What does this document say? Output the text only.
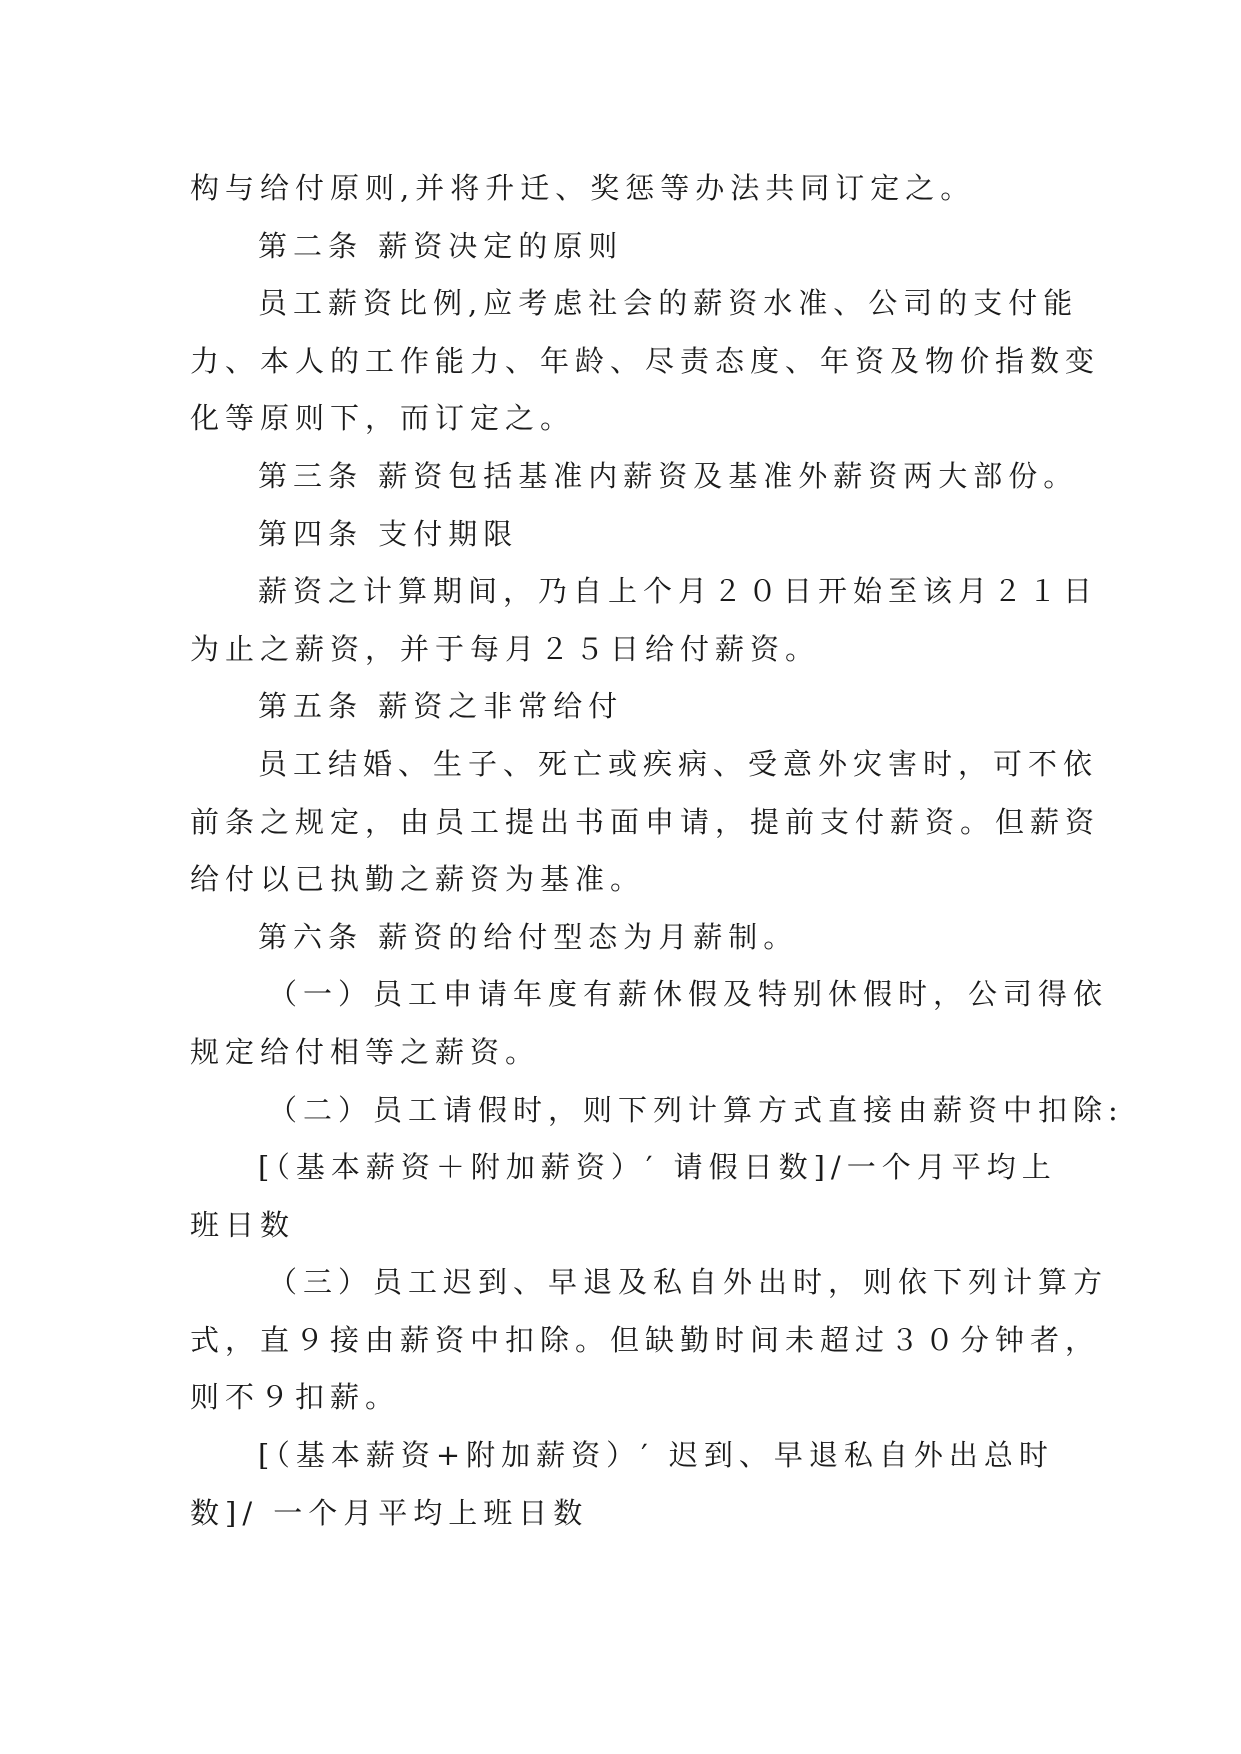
构与给付原则,并将升迁、奖惩等办法共同订定之。
第二条 薪资决定的原则
员工薪资比例,应考虑社会的薪资水准、公司的支付能
力、本人的工作能力、年龄、尽责态度、年资及物价指数变
化等原则下，而订定之。
第三条 薪资包括基准内薪资及基准外薪资两大部份。
第四条 支付期限
薪资之计算期间，乃自上个月２０日开始至该月２１日
为止之薪资，并于每月２５日给付薪资。
第五条 薪资之非常给付
员工结婚、生子、死亡或疾病、受意外灾害时，可不依
前条之规定，由员工提出书面申请，提前支付薪资。但薪资
给付以已执勤之薪资为基准。
第六条 薪资的给付型态为月薪制。
（一）员工申请年度有薪休假及特别休假时，公司得依
规定给付相等之薪资。
（二）员工请假时，则下列计算方式直接由薪资中扣除:
[（基本薪资＋附加薪资）′ 请假日数]/一个月平均上
班日数
（三）员工迟到、早退及私自外出时，则依下列计算方
式，直９接由薪资中扣除。但缺勤时间未超过３０分钟者，
则不９扣薪。
[（基本薪资+附加薪资）′ 迟到、早退私自外出总时
数]/ 一个月平均上班日数
